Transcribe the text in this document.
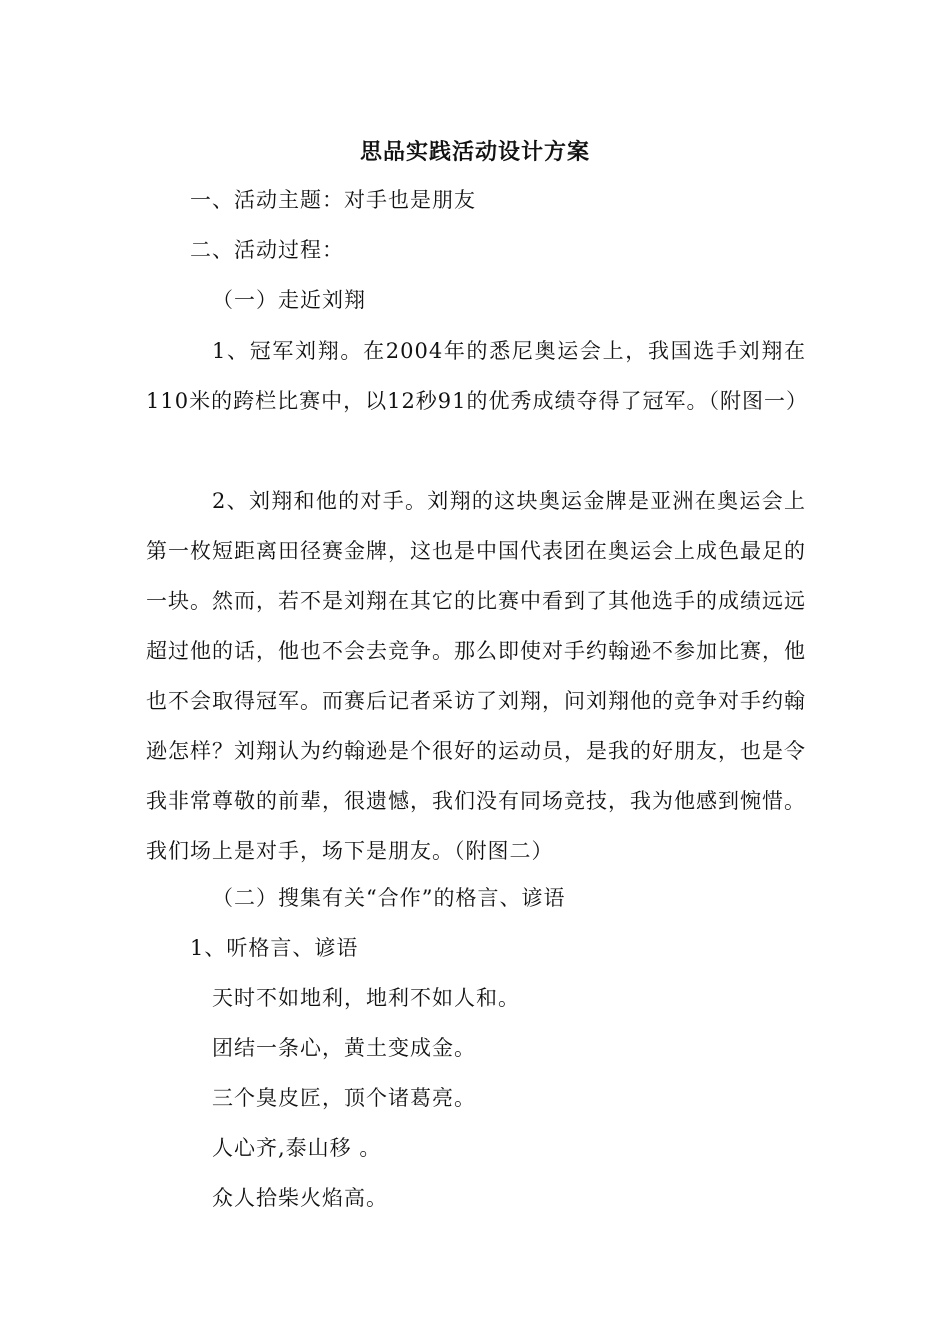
思品实践活动设计方案
一、活动主题：对手也是朋友
二、活动过程：
（一）走近刘翔
1、冠军刘翔。在2004年的悉尼奥运会上，我国选手刘翔在110米的跨栏比赛中，以12秒91的优秀成绩夺得了冠军。（附图一）
2、刘翔和他的对手。刘翔的这块奥运金牌是亚洲在奥运会上第一枚短距离田径赛金牌，这也是中国代表团在奥运会上成色最足的一块。然而，若不是刘翔在其它的比赛中看到了其他选手的成绩远远超过他的话，他也不会去竞争。那么即使对手约翰逊不参加比赛，他也不会取得冠军。而赛后记者采访了刘翔，问刘翔他的竞争对手约翰逊怎样？刘翔认为约翰逊是个很好的运动员，是我的好朋友，也是令我非常尊敬的前辈，很遗憾，我们没有同场竞技，我为他感到惋惜。我们场上是对手，场下是朋友。（附图二）
（二）搜集有关“合作”的格言、谚语
1、听格言、谚语
天时不如地利，地利不如人和。
团结一条心，黄土变成金。
三个臭皮匠，顶个诸葛亮。
人心齐,泰山移 。
众人拾柴火焰高。
